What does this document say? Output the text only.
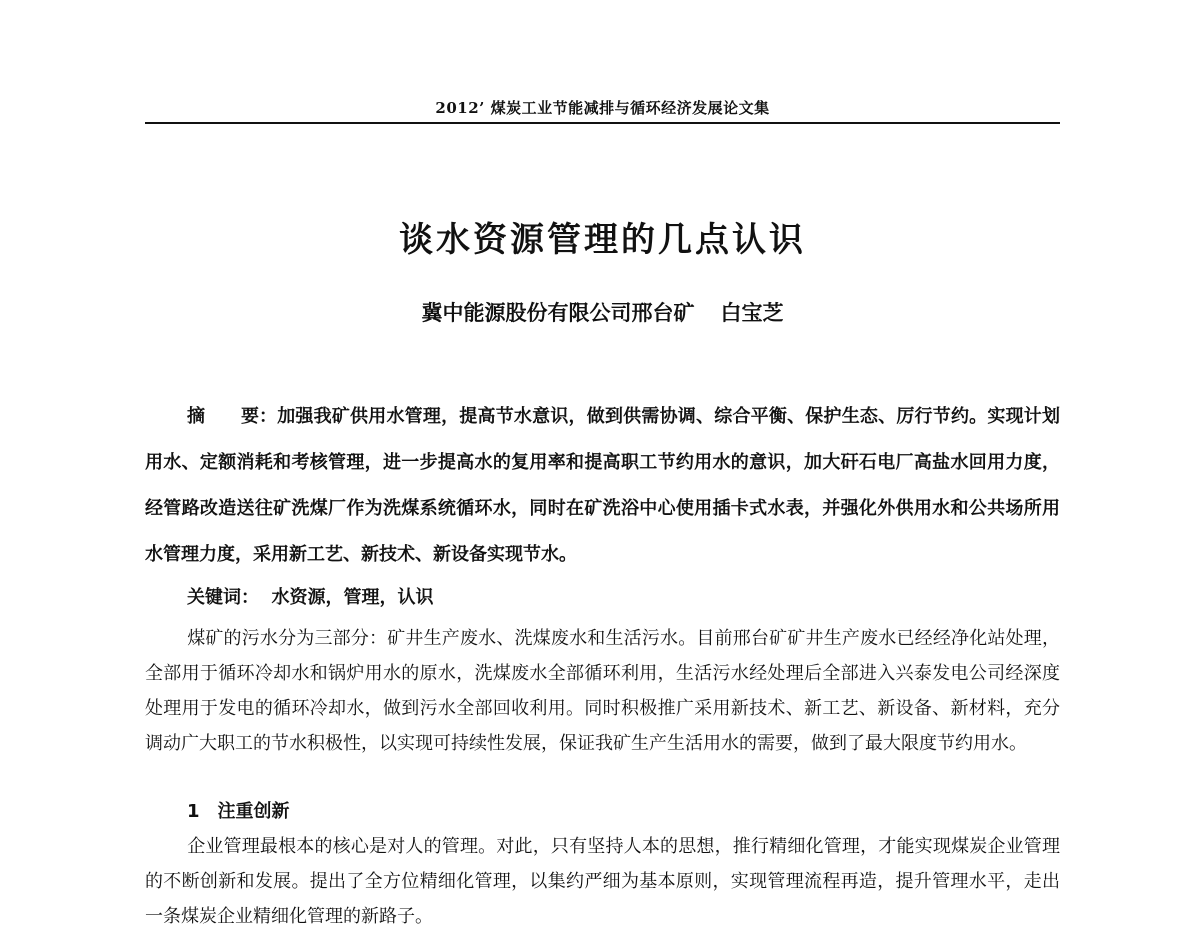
2012’ 煤炭工业节能减排与循环经济发展论文集
谈水资源管理的几点认识
冀中能源股份有限公司邢台矿 白宝芝
摘　　要：加强我矿供用水管理，提高节水意识，做到供需协调、综合平衡、保护生态、厉行节约。实现计划用水、定额消耗和考核管理，进一步提高水的复用率和提高职工节约用水的意识，加大矸石电厂高盐水回用力度，经管路改造送往矿洗煤厂作为洗煤系统循环水，同时在矿洗浴中心使用插卡式水表，并强化外供用水和公共场所用水管理力度，采用新工艺、新技术、新设备实现节水。
关键词： 水资源，管理，认识
煤矿的污水分为三部分：矿井生产废水、洗煤废水和生活污水。目前邢台矿矿井生产废水已经经净化站处理，全部用于循环冷却水和锅炉用水的原水，洗煤废水全部循环利用，生活污水经处理后全部进入兴泰发电公司经深度处理用于发电的循环冷却水，做到污水全部回收利用。同时积极推广采用新技术、新工艺、新设备、新材料，充分调动广大职工的节水积极性，以实现可持续性发展，保证我矿生产生活用水的需要，做到了最大限度节约用水。
1 注重创新
企业管理最根本的核心是对人的管理。对此，只有坚持人本的思想，推行精细化管理，才能实现煤炭企业管理的不断创新和发展。提出了全方位精细化管理，以集约严细为基本原则，实现管理流程再造，提升管理水平，走出一条煤炭企业精细化管理的新路子。
